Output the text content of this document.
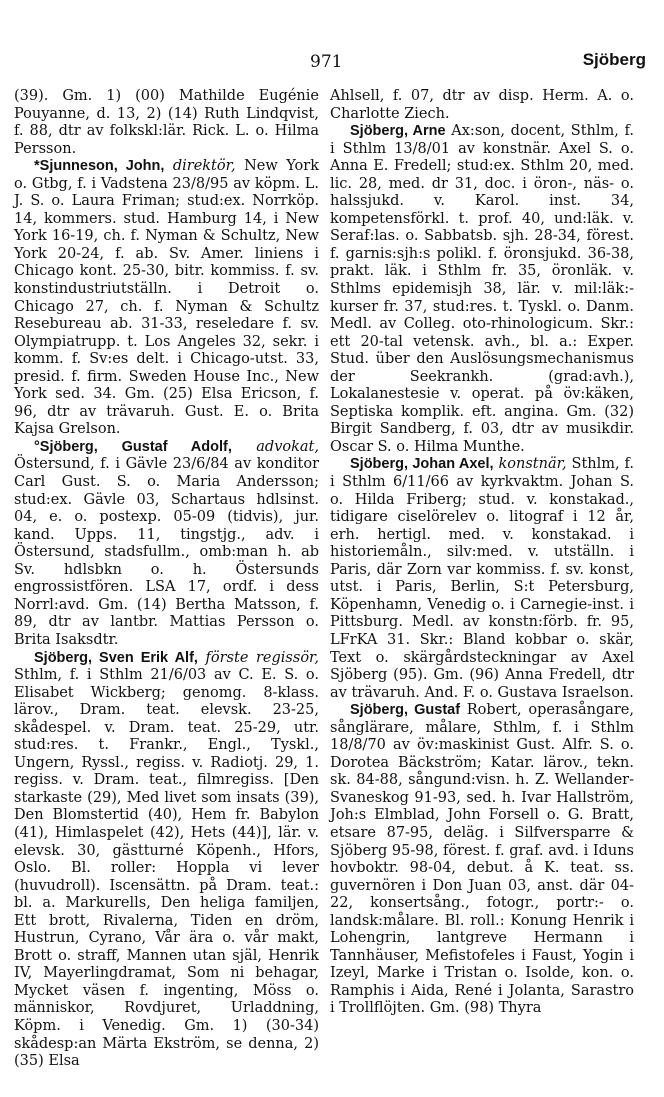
971	Sjöberg

(39). Gm. 1) (00) Mathilde Eugénie Pouyanne, d. 13, 2) (14) Ruth Lindqvist, f. 88, dtr av folkskl:lär. Rick. L. o. Hilma Persson.

*Sjunneson, John, direktör, New York o. Gtbg, f. i Vadstena 23/8/95 av köpm. L. J. S. o. Laura Friman; stud:ex. Norrköp. 14, kommers. stud. Hamburg 14, i New York 16-19, ch. f. Nyman & Schultz, New York 20-24, f. ab. Sv. Amer. liniens i Chicago kont. 25-30, bitr. kommiss. f. sv. konstindustriutställn. i Detroit o. Chicago 27, ch. f. Nyman & Schultz Resebureau ab. 31-33, reseledare f. sv. Olympiatrupp. t. Los Angeles 32, sekr. i komm. f. Sv:es delt. i Chicago-utst. 33, presid. f. firm. Sweden House Inc., New York sed. 34. Gm. (25) Elsa Ericson, f. 96, dtr av trävaruh. Gust. E. o. Brita Kajsa Grelson.

°Sjöberg, Gustaf Adolf, advokat, Östersund, f. i Gävle 23/6/84 av konditor Carl Gust. S. o. Maria Andersson; stud:ex. Gävle 03, Schartaus hdlsinst. 04, e. o. postexp. 05-09 (tidvis), jur. kand. Upps. 11, tingstjg., adv. i Östersund, stadsfullm., omb:man h. ab Sv. hdlsbkn o. h. Östersunds engrossistfören. LSA 17, ordf. i dess Norrl:avd. Gm. (14) Bertha Matsson, f. 89, dtr av lantbr. Mattias Persson o. Brita Isaksdtr.

Sjöberg, Sven Erik Alf, förste regissör, Sthlm, f. i Sthlm 21/6/03 av C. E. S. o. Elisabet Wickberg; genomg. 8-klass. lärov., Dram. teat. elevsk. 23-25, skådespel. v. Dram. teat. 25-29, utr. stud:res. t. Frankr., Engl., Tyskl., Ungern, Ryssl., regiss. v. Radiotj. 29, 1. regiss. v. Dram. teat., filmregiss. [Den starkaste (29), Med livet som insats (39), Den Blomstertid (40), Hem fr. Babylon (41), Himlaspelet (42), Hets (44)], lär. v. elevsk. 30, gästturné Köpenh., Hfors, Oslo. Bl. roller: Hoppla vi lever (huvudroll). Iscensättn. på Dram. teat.: bl. a. Markurells, Den heliga familjen, Ett brott, Rivalerna, Tiden en dröm, Hustrun, Cyrano, Vår ära o. vår makt, Brott o. straff, Mannen utan själ, Henrik IV, Mayerlingdramat, Som ni behagar, Mycket väsen f. ingenting, Möss o. människor, Rovdjuret, Urladdning, Köpm. i Venedig. Gm. 1) (30-34) skådesp:an Märta Ekström, se denna, 2) (35) Elsa

Ahlsell, f. 07, dtr av disp. Herm. A. o. Charlotte Ziech.

Sjöberg, Arne Ax:son, docent, Sthlm, f. i Sthlm 13/8/01 av konstnär. Axel S. o. Anna E. Fredell; stud:ex. Sthlm 20, med. lic. 28, med. dr 31, doc. i öron-, näs- o. halssjukd. v. Karol. inst. 34, kompetensförkl. t. prof. 40, und:läk. v. Seraf:las. o. Sabbatsb. sjh. 28-34, förest. f. garnis:sjh:s polikl. f. öronsjukd. 36-38, prakt. läk. i Sthlm fr. 35, öronläk. v. Sthlms epidemisjh 38, lär. v. mil:läk:-kurser fr. 37, stud:res. t. Tyskl. o. Danm. Medl. av Colleg. oto-rhinologicum. Skr.: ett 20-tal vetensk. avh., bl. a.: Exper. Stud. über den Auslösungsmechanismus der Seekrankh. (grad:avh.), Lokalanestesie v. operat. på öv:käken, Septiska komplik. eft. angina. Gm. (32) Birgit Sandberg, f. 03, dtr av musikdir. Oscar S. o. Hilma Munthe.

Sjöberg, Johan Axel, konstnär, Sthlm, f. i Sthlm 6/11/66 av kyrkvaktm. Johan S. o. Hilda Friberg; stud. v. konstakad., tidigare ciselörelev o. litograf i 12 år, erh. hertigl. med. v. konstakad. i historiemåln., silv:med. v. utställn. i Paris, där Zorn var kommiss. f. sv. konst, utst. i Paris, Berlin, S:t Petersburg, Köpenhamn, Venedig o. i Carnegie-inst. i Pittsburg. Medl. av konstn:förb. fr. 95, LFrKA 31. Skr.: Bland kobbar o. skär, Text o. skärgårdsteckningar av Axel Sjöberg (95). Gm. (96) Anna Fredell, dtr av trävaruh. And. F. o. Gustava Israelson.

Sjöberg, Gustaf Robert, operasångare, sånglärare, målare, Sthlm, f. i Sthlm 18/8/70 av öv:maskinist Gust. Alfr. S. o. Dorotea Bäckström; Katar. lärov., tekn. sk. 84-88, sångund:visn. h. Z. Wellander-Svaneskog 91-93, sed. h. Ivar Hallström, Joh:s Elmblad, John Forsell o. G. Bratt, etsare 87-95, deläg. i Silfversparre & Sjöberg 95-98, förest. f. graf. avd. i Iduns hovboktr. 98-04, debut. å K. teat. ss. guvernören i Don Juan 03, anst. där 04-22, konsertsång., fotogr., portr:- o. landsk:målare. Bl. roll.: Konung Henrik i Lohengrin, lantgreve Hermann i Tannhäuser, Mefistofeles i Faust, Yogin i Izeyl, Marke i Tristan o. Isolde, kon. o. Ramphis i Aida, René i Jolanta, Sarastro i Trollflöjten. Gm. (98) Thyra
